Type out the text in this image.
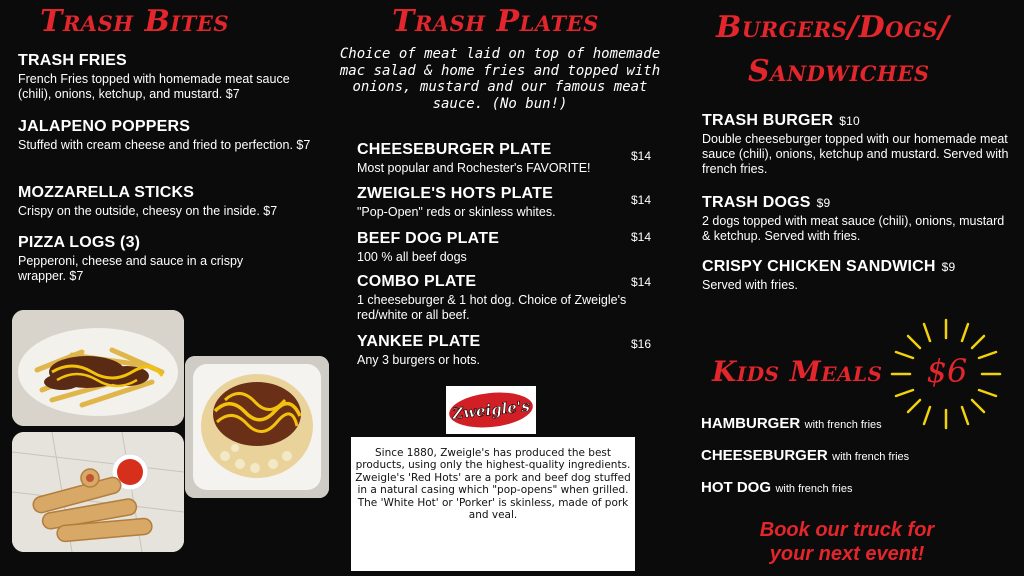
Trash Bites
TRASH FRIES
French Fries topped with homemade meat sauce (chili), onions, ketchup, and mustard. $7
JALAPENO POPPERS
Stuffed with cream cheese and fried to perfection. $7
MOZZARELLA STICKS
Crispy on the outside, cheesy on the inside. $7
PIZZA LOGS (3)
Pepperoni, cheese and sauce in a crispy wrapper. $7
Trash Plates
Choice of meat laid on top of homemade mac salad & home fries and topped with onions, mustard and our famous meat sauce. (No bun!)
CHEESEBURGER PLATE	$14
Most popular and Rochester's FAVORITE!
ZWEIGLE'S HOTS PLATE	$14
"Pop-Open" reds or skinless whites.
BEEF DOG PLATE	$14
100 % all beef dogs
COMBO PLATE	$14
1 cheeseburger & 1 hot dog. Choice of Zweigle's red/white or all beef.
YANKEE PLATE	$16
Any 3 burgers or hots.
Zweigle's
Since 1880, Zweigle's has produced the best products, using only the highest-quality ingredients.
Zweigle's 'Red Hots' are a pork and beef dog stuffed in a natural casing which "pop-opens" when grilled.
The 'White Hot' or 'Porker' is skinless, made of pork and veal.
Burgers/Dogs/
Sandwiches
TRASH BURGER $10
Double cheeseburger topped with our homemade meat sauce (chili), onions, ketchup and mustard. Served with french fries.
TRASH DOGS $9
2 dogs topped with meat sauce (chili), onions, mustard & ketchup. Served with fries.
CRISPY CHICKEN SANDWICH $9
Served with fries.
Kids Meals $6
HAMBURGER with french fries
CHEESEBURGER with french fries
HOT DOG with french fries
Book our truck for
your next event!
